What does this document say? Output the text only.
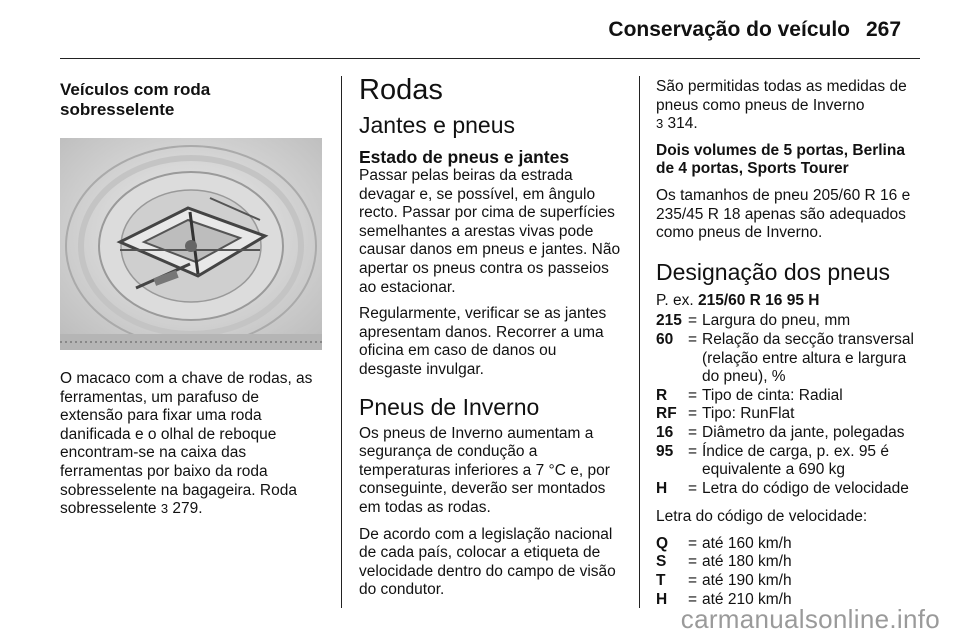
Conservação do veículo 267
Veículos com roda
sobresselente

O macaco com a chave de rodas, as ferramentas, um parafuso de extensão para fixar uma roda danificada e o olhal de reboque encontram-se na caixa das ferramentas por baixo da roda sobresselente na bagageira. Roda sobresselente 3 279.

Rodas
Jantes e pneus
Estado de pneus e jantes

Passar pelas beiras da estrada devagar e, se possível, em ângulo recto. Passar por cima de superfícies semelhantes a arestas vivas pode causar danos em pneus e jantes. Não apertar os pneus contra os passeios ao estacionar.

Regularmente, verificar se as jantes apresentam danos. Recorrer a uma oficina em caso de danos ou desgaste invulgar.

Pneus de Inverno

Os pneus de Inverno aumentam a segurança de condução a temperaturas inferiores a 7 °C e, por conseguinte, deverão ser montados em todas as rodas.

De acordo com a legislação nacional de cada país, colocar a etiqueta de velocidade dentro do campo de visão do condutor.

São permitidas todas as medidas de pneus como pneus de Inverno
3 314.

Dois volumes de 5 portas, Berlina de 4 portas, Sports Tourer

Os tamanhos de pneu 205/60 R 16 e 235/45 R 18 apenas são adequados como pneus de Inverno.

Designação dos pneus

P. ex. 215/60 R 16 95 H

215 = Largura do pneu, mm
60 = Relação da secção transversal (relação entre altura e largura do pneu), %
R	= Tipo de cinta: Radial
RF = Tipo: RunFlat
16 = Diâmetro da jante, polegadas
95 = Índice de carga, p. ex. 95 é equivalente a 690 kg
H	= Letra do código de velocidade

Letra do código de velocidade:

Q	= até 160 km/h
S	= até 180 km/h
T	= até 190 km/h
H	= até 210 km/h
carmanualsonline.info
